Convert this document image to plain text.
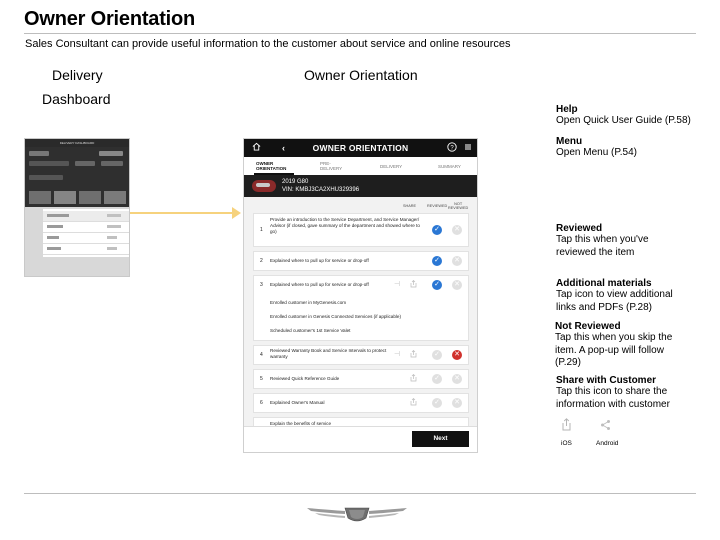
Owner Orientation
Sales Consultant can provide useful information to the customer about service and online resources
Delivery
Dashboard
Owner Orientation
DELIVERY DASHBOARD	‹	OWNER ORIENTATION	?
OWNER
ORIENTATION
PRE-
DELIVERY	DELIVERY	SUMMARY
2019 G80
VIN: KMBJ3CA2XHU329396
SHARE	REVIEWED	NOT
REVIEWED
1
Provide an introduction to the Service Department, and Service Manager/ Advisor (if closed, gave summary of the department and showed where to go)	✓ ✕
2 Explained where to pull up for service or drop-off	✓ ✕
3 Explained where to pull up for service or drop-off	⊣	✓ ✕
Enrolled customer in MyGenesis.com
Enrolled customer in Genesis Connected Services (if applicable)
Scheduled customer's 1st Service Valet
4
Reviewed Warranty Book and Service Intervals to protect warranty	⊣	✓ ✕
5 Reviewed Quick Reference Guide	✓ ✕
6 Explained Owner's Manual	✓ ✕
Explain the benefits of service
Next
Help
Open Quick User Guide (P.58)
Menu
Open Menu (P.54)
Reviewed
Tap this when you've reviewed the item
Additional materials
Tap icon to view additional links and PDFs (P.28)
Not Reviewed
Tap this when you skip the item. A pop-up will follow (P.29)
Share with Customer
Tap this icon to share the information with customer
iOS	Android
